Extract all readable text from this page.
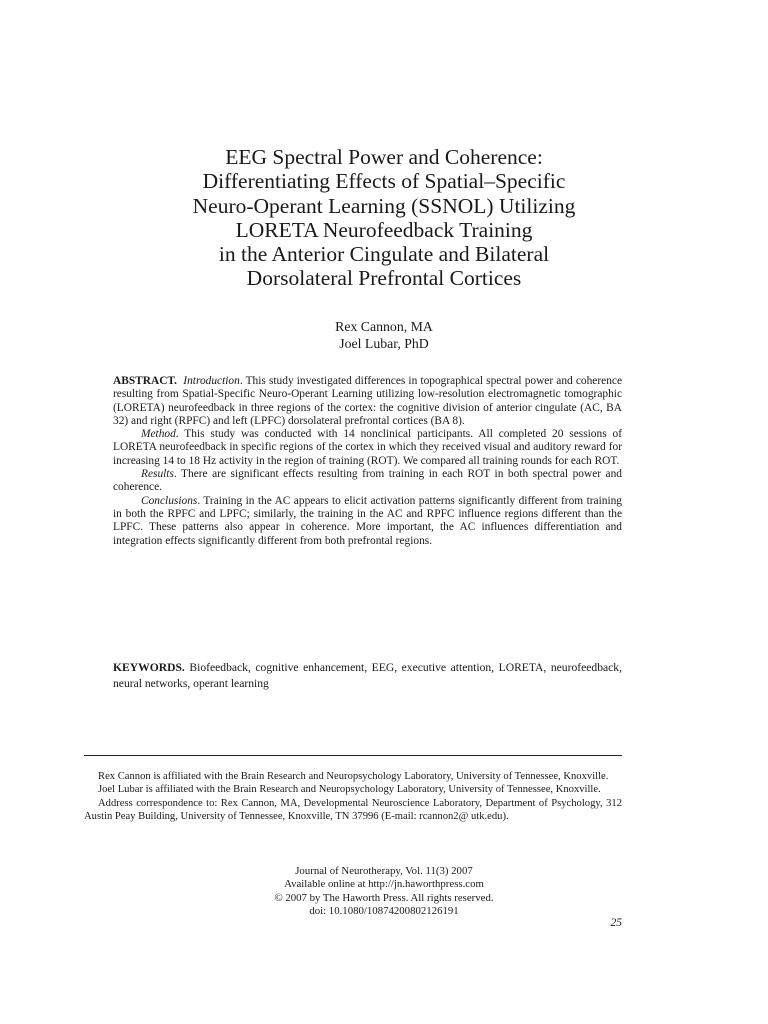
EEG Spectral Power and Coherence:
Differentiating Effects of Spatial–Specific
Neuro-Operant Learning (SSNOL) Utilizing
LORETA Neurofeedback Training
in the Anterior Cingulate and Bilateral
Dorsolateral Prefrontal Cortices
Rex Cannon, MA
Joel Lubar, PhD

ABSTRACT. Introduction. This study investigated differences in topographical spectral power and coherence resulting from Spatial-Specific Neuro-Operant Learning utilizing low-resolution electromagnetic tomographic (LORETA) neurofeedback in three regions of the cortex: the cognitive division of anterior cingulate (AC, BA 32) and right (RPFC) and left (LPFC) dorsolateral prefrontal cortices (BA 8).

Method. This study was conducted with 14 nonclinical participants. All completed 20 sessions of LORETA neurofeedback in specific regions of the cortex in which they received visual and auditory reward for increasing 14 to 18 Hz activity in the region of training (ROT). We compared all training rounds for each ROT.

Results. There are significant effects resulting from training in each ROT in both spectral power and coherence.

Conclusions. Training in the AC appears to elicit activation patterns significantly different from training in both the RPFC and LPFC; similarly, the training in the AC and RPFC influence regions different than the LPFC. These patterns also appear in coherence. More important, the AC influences differentiation and integration effects significantly different from both prefrontal regions.

KEYWORDS. Biofeedback, cognitive enhancement, EEG, executive attention, LORETA, neurofeedback, neural networks, operant learning

Rex Cannon is affiliated with the Brain Research and Neuropsychology Laboratory, University of Tennessee, Knoxville.

Joel Lubar is affiliated with the Brain Research and Neuropsychology Laboratory, University of Tennessee, Knoxville.

Address correspondence to: Rex Cannon, MA, Developmental Neuroscience Laboratory, Department of Psychology, 312 Austin Peay Building, University of Tennessee, Knoxville, TN 37996 (E-mail: rcannon2@ utk.edu).

Journal of Neurotherapy, Vol. 11(3) 2007
Available online at http://jn.haworthpress.com
© 2007 by The Haworth Press. All rights reserved.
doi: 10.1080/10874200802126191
25
